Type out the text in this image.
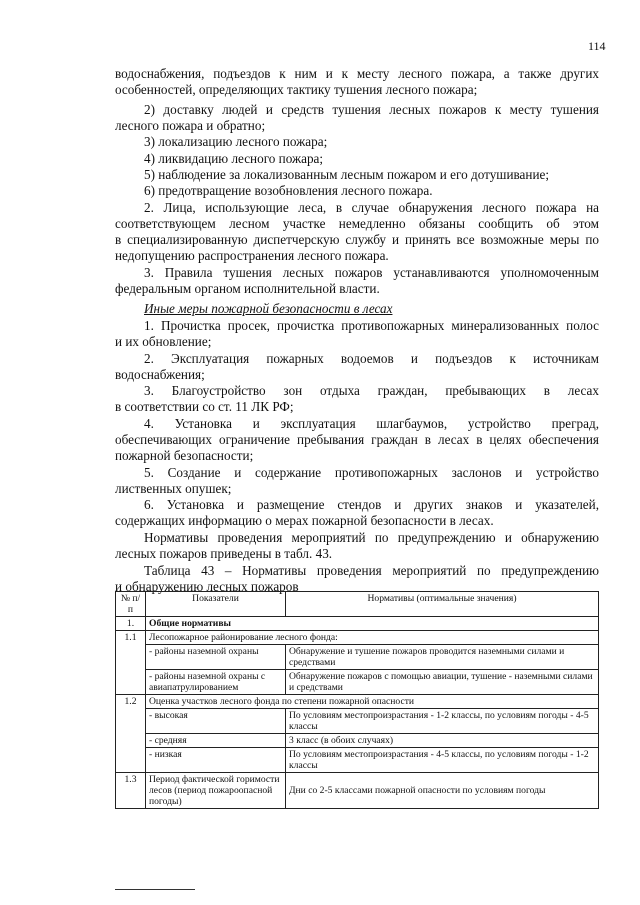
114
водоснабжения, подъездов к ним и к месту лесного пожара, а также других
особенностей, определяющих тактику тушения лесного пожара;
2) доставку людей и средств тушения лесных пожаров к месту тушения
лесного пожара и обратно;
3) локализацию лесного пожара;
4) ликвидацию лесного пожара;
5) наблюдение за локализованным лесным пожаром и его дотушивание;
6) предотвращение возобновления лесного пожара.
2. Лица, использующие леса, в случае обнаружения лесного пожара на
соответствующем лесном участке немедленно обязаны сообщить об этом
в специализированную диспетчерскую службу и принять все возможные меры по
недопущению распространения лесного пожара.
3. Правила тушения лесных пожаров устанавливаются уполномоченным
федеральным органом исполнительной власти.
Иные меры пожарной безопасности в лесах
1. Прочистка просек, прочистка противопожарных минерализованных полос
и их обновление;
2. Эксплуатация пожарных водоемов и подъездов к источникам
водоснабжения;
3. Благоустройство зон отдыха граждан, пребывающих в лесах
в соответствии со ст. 11 ЛК РФ;
4. Установка и эксплуатация шлагбаумов, устройство преград,
обеспечивающих ограничение пребывания граждан в лесах в целях обеспечения
пожарной безопасности;
5. Создание и содержание противопожарных заслонов и устройство
лиственных опушек;
6. Установка и размещение стендов и других знаков и указателей,
содержащих информацию о мерах пожарной безопасности в лесах.
Нормативы проведения мероприятий по предупреждению и обнаружению
лесных пожаров приведены в табл. 43.
Таблица 43 – Нормативы проведения мероприятий по предупреждению
и обнаружению лесных пожаров
№ п/п	Показатели	Нормативы (оптимальные значения)
1.	Общие нормативы	
1.1	Лесопожарное районирование лесного фонда:	
	- районы наземной охраны	Обнаружение и тушение пожаров проводится наземными силами и средствами
	- районы наземной охраны с авиапатрулированием	Обнаружение пожаров с помощью авиации, тушение - наземными силами и средствами
1.2	Оценка участков лесного фонда по степени пожарной опасности	
	- высокая	По условиям местопроизрастания - 1-2 классы, по условиям погоды - 4-5 классы
	- средняя	3 класс (в обоих случаях)
	- низкая	По условиям местопроизрастания - 4-5 классы, по условиям погоды - 1-2 классы
1.3	Период фактической горимости лесов (период пожароопасной погоды)	Дни со 2-5 классами пожарной опасности по условиям погоды
